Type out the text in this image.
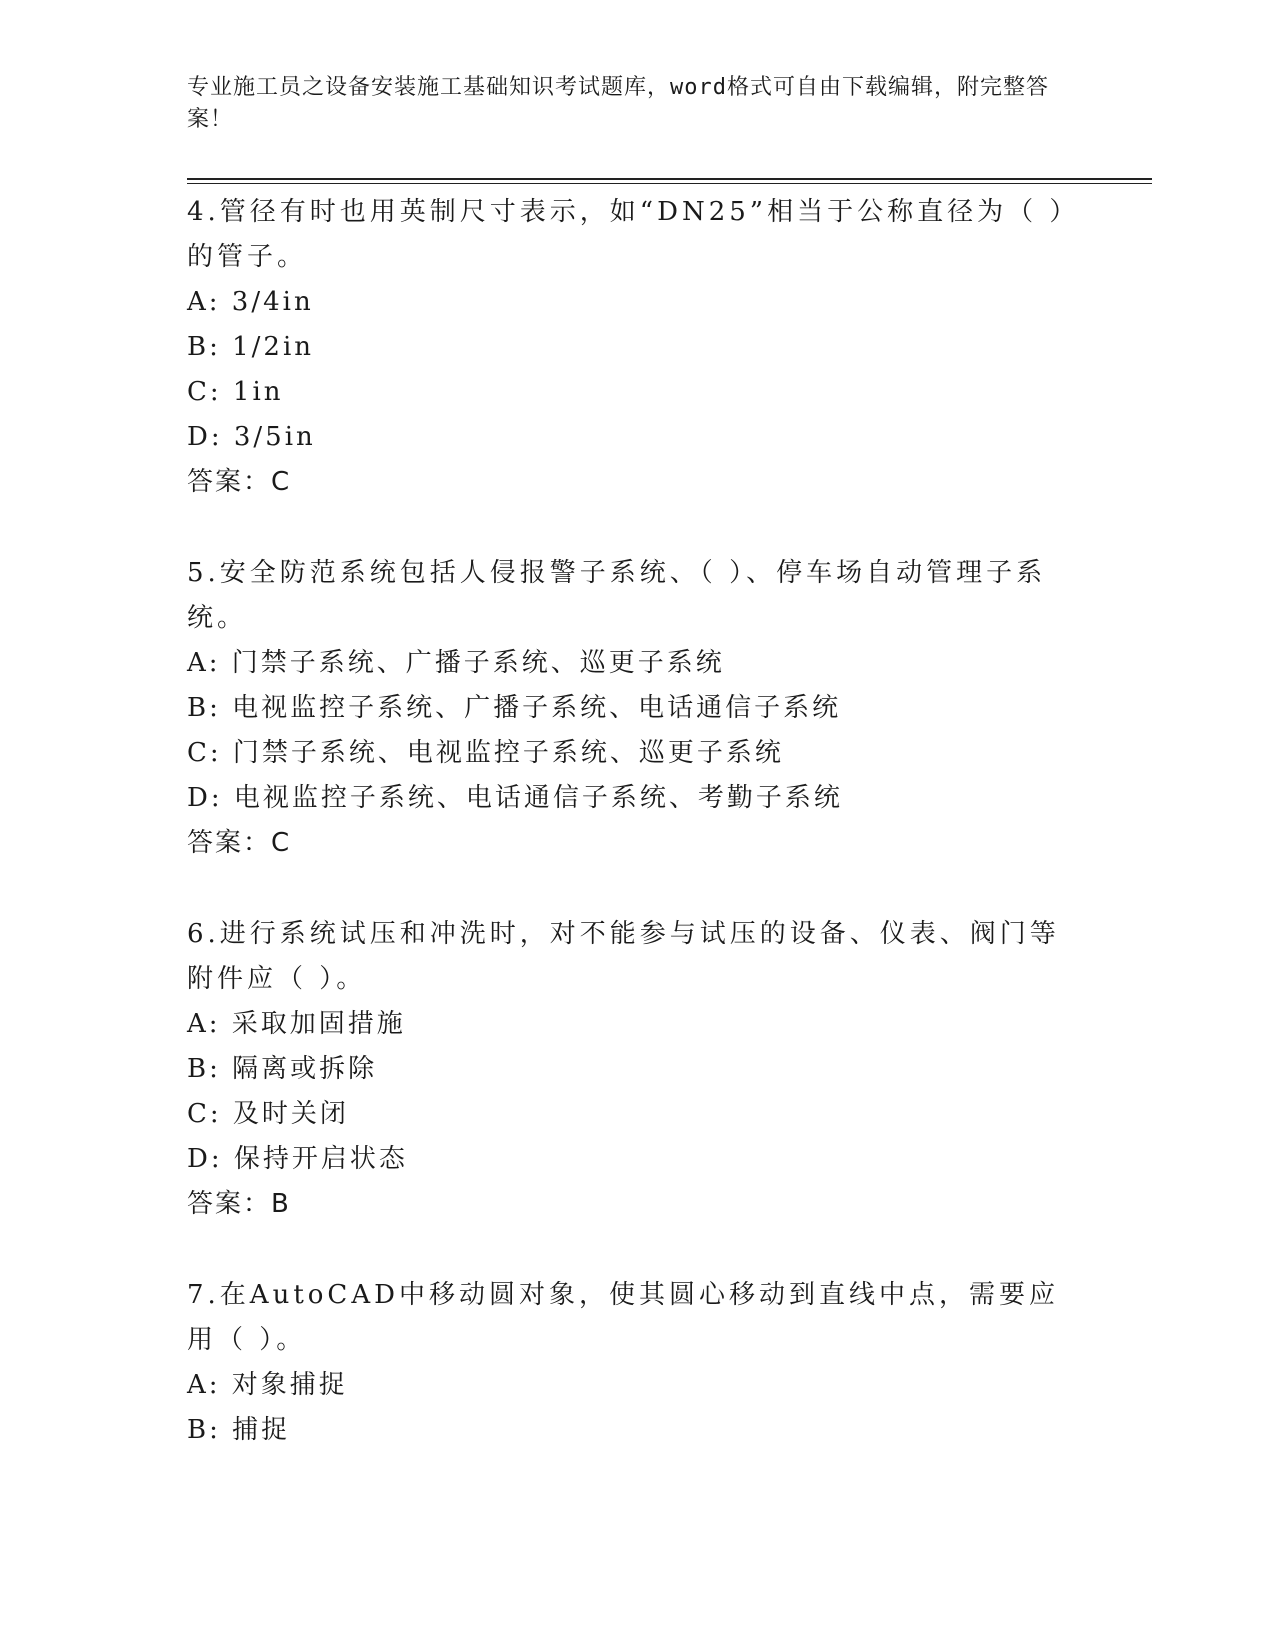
专业施工员之设备安装施工基础知识考试题库，word格式可自由下载编辑，附完整答案！

4.管径有时也用英制尺寸表示，如“DN25”相当于公称直径为（ ）的管子。

A: 3/4in

B: 1/2in

C: 1in

D: 3/5in

答案：C

5.安全防范系统包括人侵报警子系统、（ ）、停车场自动管理子系统。

A: 门禁子系统、广播子系统、巡更子系统

B: 电视监控子系统、广播子系统、电话通信子系统

C: 门禁子系统、电视监控子系统、巡更子系统

D: 电视监控子系统、电话通信子系统、考勤子系统

答案：C

6.进行系统试压和冲洗时，对不能参与试压的设备、仪表、阀门等附件应（ ）。

A: 采取加固措施

B: 隔离或拆除

C: 及时关闭

D: 保持开启状态

答案：B

7.在AutoCAD中移动圆对象，使其圆心移动到直线中点，需要应用（ ）。

A: 对象捕捉

B: 捕捉
